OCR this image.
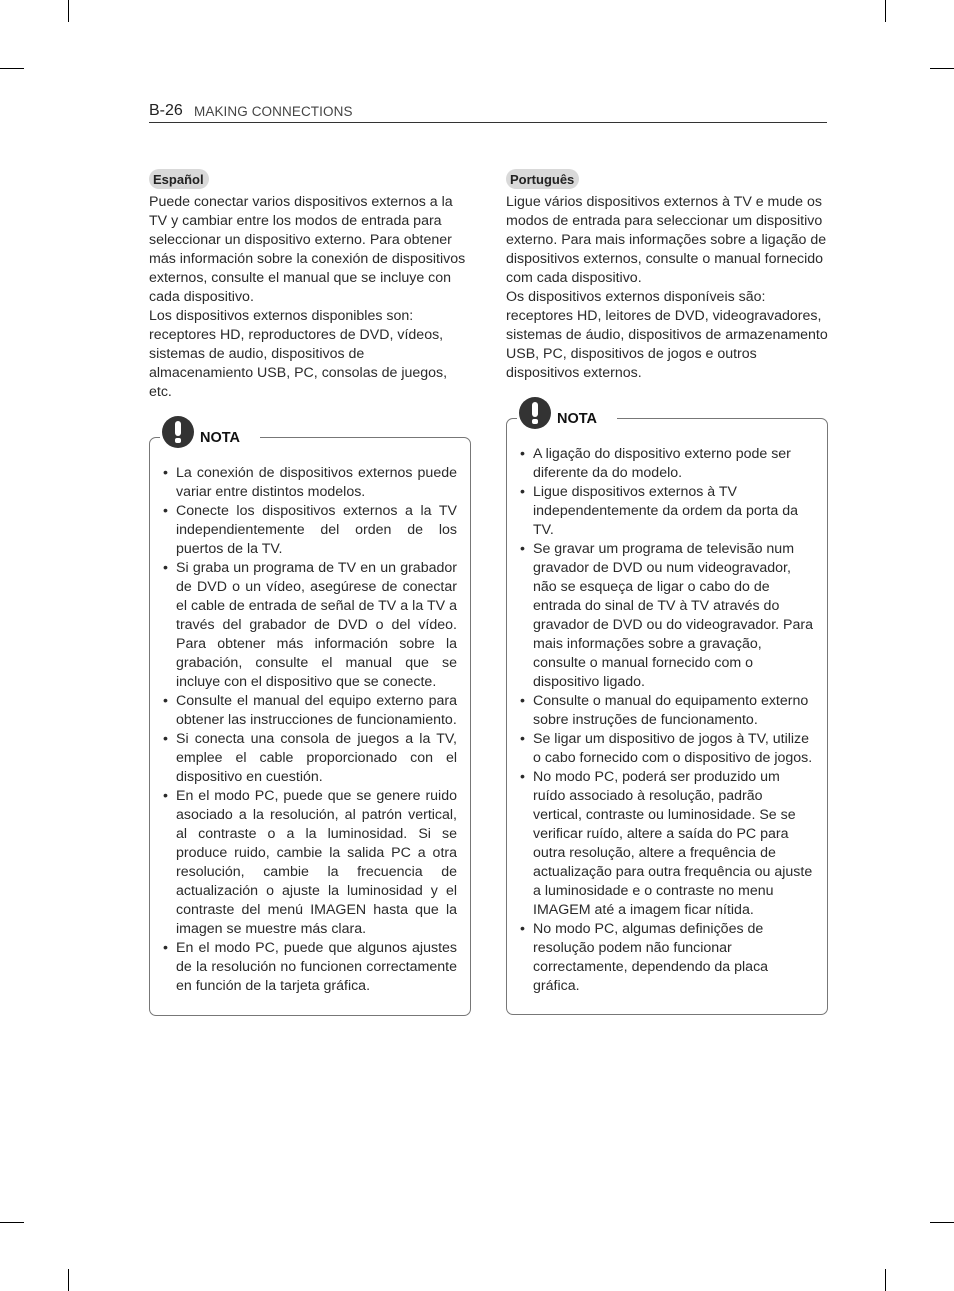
B-26 MAKING CONNECTIONS
Español

Puede conectar varios dispositivos externos a la TV y cambiar entre los modos de entrada para seleccionar un dispositivo externo. Para obtener más información sobre la conexión de dispositivos externos, consulte el manual que se incluye con cada dispositivo.

Los dispositivos externos disponibles son: receptores HD, reproductores de DVD, vídeos, sistemas de audio, dispositivos de almacenamiento USB, PC, consolas de juegos, etc.

NOTA
• La conexión de dispositivos externos puede variar entre distintos modelos.
• Conecte los dispositivos externos a la TV independientemente del orden de los puertos de la TV.
• Si graba un programa de TV en un grabador de DVD o un vídeo, asegúrese de conectar el cable de entrada de señal de TV a la TV a través del grabador de DVD o del vídeo. Para obtener más información sobre la grabación, consulte el manual que se incluye con el dispositivo que se conecte.
• Consulte el manual del equipo externo para obtener las instrucciones de funcionamiento.
• Si conecta una consola de juegos a la TV, emplee el cable proporcionado con el dispositivo en cuestión.
• En el modo PC, puede que se genere ruido asociado a la resolución, al patrón vertical, al contraste o a la luminosidad. Si se produce ruido, cambie la salida PC a otra resolución, cambie la frecuencia de actualización o ajuste la luminosidad y el contraste del menú IMAGEN hasta que la imagen se muestre más clara.
• En el modo PC, puede que algunos ajustes de la resolución no funcionen correctamente en función de la tarjeta gráfica.
Português

Ligue vários dispositivos externos à TV e mude os modos de entrada para seleccionar um dispositivo externo. Para mais informações sobre a ligação de dispositivos externos, consulte o manual fornecido com cada dispositivo.

Os dispositivos externos disponíveis são: receptores HD, leitores de DVD, videogravadores, sistemas de áudio, dispositivos de armazenamento USB, PC, dispositivos de jogos e outros dispositivos externos.

NOTA
• A ligação do dispositivo externo pode ser diferente da do modelo.
• Ligue dispositivos externos à TV independentemente da ordem da porta da TV.
• Se gravar um programa de televisão num gravador de DVD ou num videogravador, não se esqueça de ligar o cabo do de entrada do sinal de TV à TV através do gravador de DVD ou do videogravador. Para mais informações sobre a gravação, consulte o manual fornecido com o dispositivo ligado.
• Consulte o manual do equipamento externo sobre instruções de funcionamento.
• Se ligar um dispositivo de jogos à TV, utilize o cabo fornecido com o dispositivo de jogos.
• No modo PC, poderá ser produzido um ruído associado à resolução, padrão vertical, contraste ou luminosidade. Se se verificar ruído, altere a saída do PC para outra resolução, altere a frequência de actualização para outra frequência ou ajuste a luminosidade e o contraste no menu IMAGEM até a imagem ficar nítida.
• No modo PC, algumas definições de resolução podem não funcionar correctamente, dependendo da placa gráfica.
